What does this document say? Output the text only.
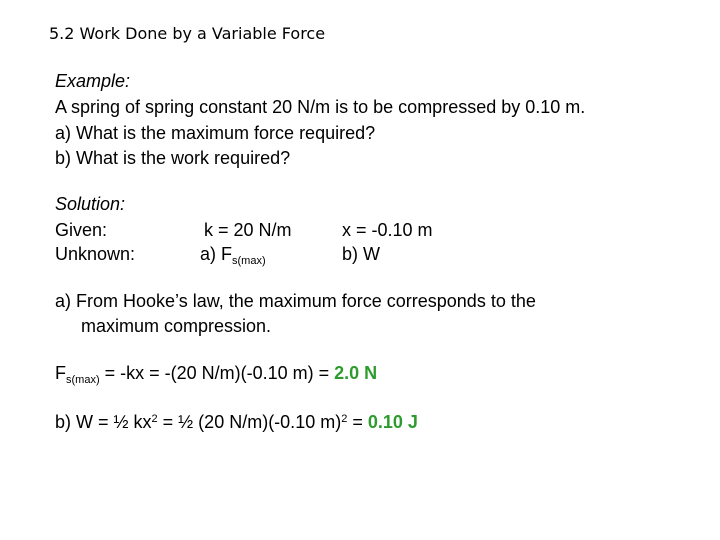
5.2 Work Done by a Variable Force
Example:
A spring of spring constant 20 N/m is to be compressed by 0.10 m.
a) What is the maximum force required?
b) What is the work required?
Solution:
Given:	k = 20 N/m	x = -0.10 m
Unknown:	a) $F_{s(max)}$	b) W
a) From Hooke’s law, the maximum force corresponds to the
maximum compression.
$F_{s(max)} = -kx = -(20$ N/m)(-0.10 m) = 2.0 N
b) W = ½ $kx^2$ = ½ (20 N/m)(-0.10 m)$^2$ = 0.10 J
